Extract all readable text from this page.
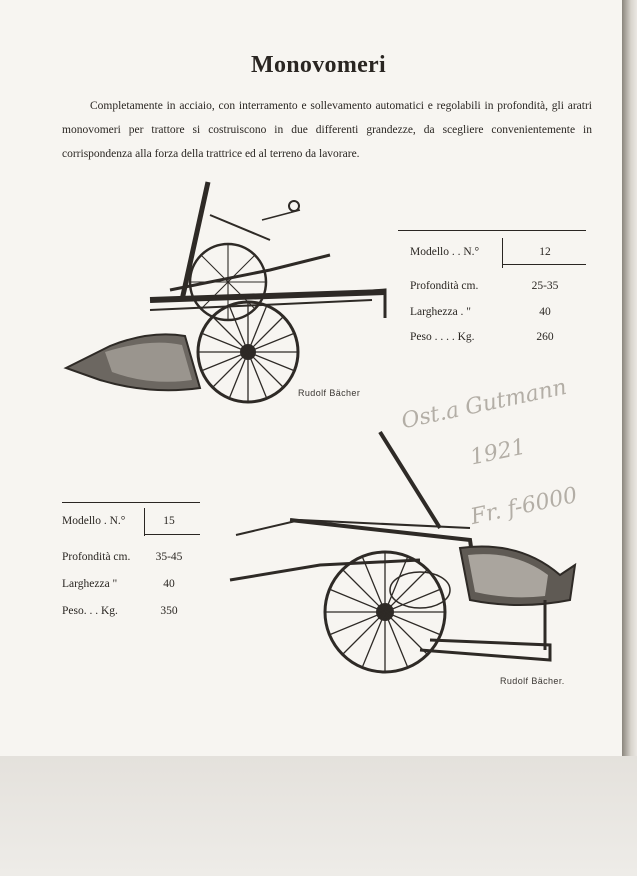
Monovomeri
Completamente in acciaio, con interramento e sollevamento automatici e regolabili in profondità, gli aratri monovomeri per trattore si costruiscono in due differenti grandezze, da scegliere convenientemente in corrispondenza alla forza della trattrice ed al terreno da lavorare.
Rudolf Bächer
Modello . . N.°	12
Profondità cm.	25-35
Larghezza . "	40
Peso . . . . Kg.	260
Ost.a Gutmann
1921
Fr. f-6000
Modello . N.°	15
Profondità cm.	35-45
Larghezza "	40
Peso. . . Kg.	350
Rudolf Bächer.
